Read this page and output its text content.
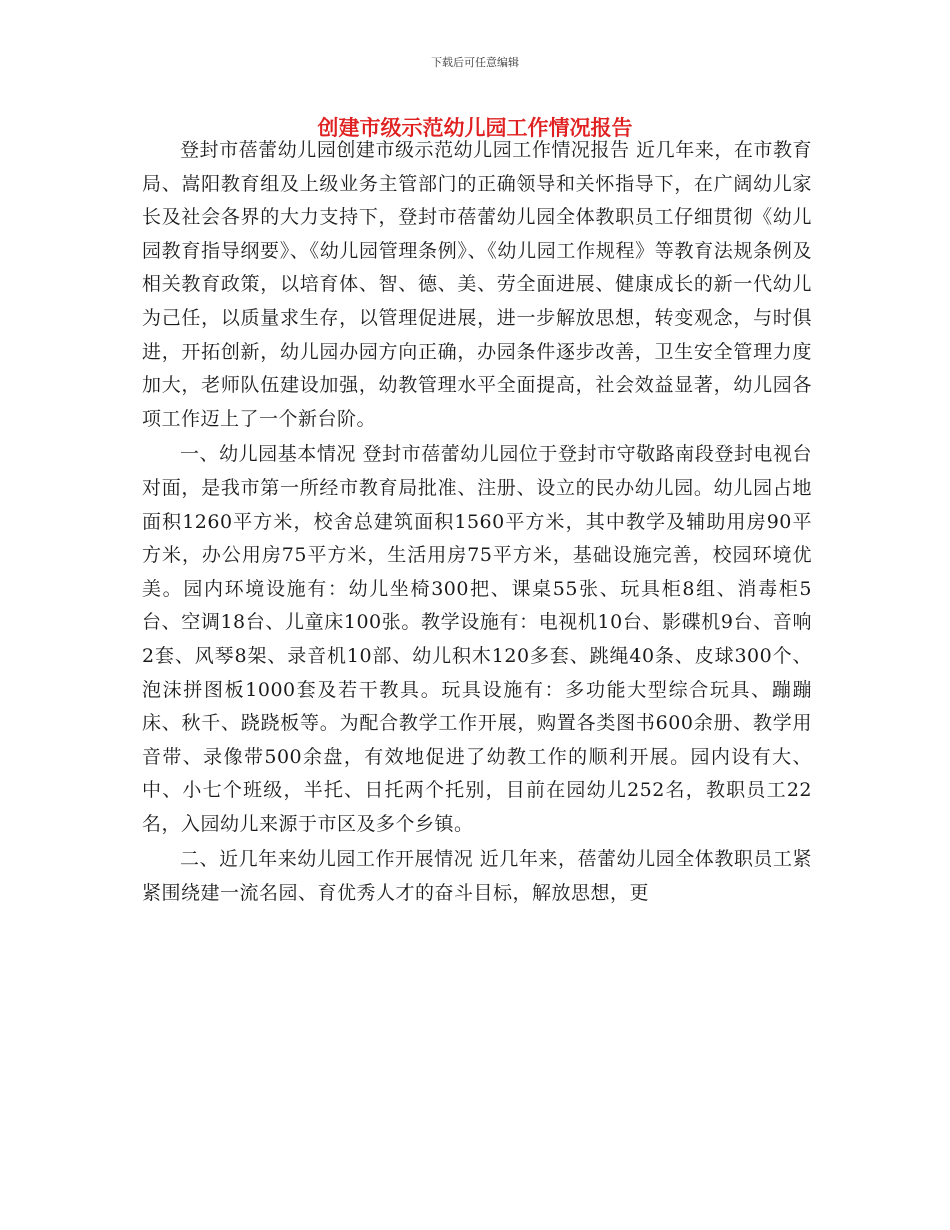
下载后可任意编辑
创建市级示范幼儿园工作情况报告

登封市蓓蕾幼儿园创建市级示范幼儿园工作情况报告 近几年来，在市教育局、嵩阳教育组及上级业务主管部门的正确领导和关怀指导下，在广阔幼儿家长及社会各界的大力支持下，登封市蓓蕾幼儿园全体教职员工仔细贯彻《幼儿园教育指导纲要》、《幼儿园管理条例》、《幼儿园工作规程》等教育法规条例及相关教育政策，以培育体、智、德、美、劳全面进展、健康成长的新一代幼儿为己任，以质量求生存，以管理促进展，进一步解放思想，转变观念，与时俱进，开拓创新，幼儿园办园方向正确，办园条件逐步改善，卫生安全管理力度加大，老师队伍建设加强，幼教管理水平全面提高，社会效益显著，幼儿园各项工作迈上了一个新台阶。

一、幼儿园基本情况 登封市蓓蕾幼儿园位于登封市守敬路南段登封电视台对面，是我市第一所经市教育局批准、注册、设立的民办幼儿园。幼儿园占地面积1260平方米，校舍总建筑面积1560平方米，其中教学及辅助用房90平方米，办公用房75平方米，生活用房75平方米，基础设施完善，校园环境优美。园内环境设施有：幼儿坐椅300把、课桌55张、玩具柜8组、消毒柜5台、空调18台、儿童床100张。教学设施有：电视机10台、影碟机9台、音响2套、风琴8架、录音机10部、幼儿积木120多套、跳绳40条、皮球300个、泡沫拼图板1000套及若干教具。玩具设施有：多功能大型综合玩具、蹦蹦床、秋千、跷跷板等。为配合教学工作开展，购置各类图书600余册、教学用音带、录像带500余盘，有效地促进了幼教工作的顺利开展。园内设有大、中、小七个班级，半托、日托两个托别，目前在园幼儿252名，教职员工22名，入园幼儿来源于市区及多个乡镇。

二、近几年来幼儿园工作开展情况 近几年来，蓓蕾幼儿园全体教职员工紧紧围绕建一流名园、育优秀人才的奋斗目标，解放思想，更
